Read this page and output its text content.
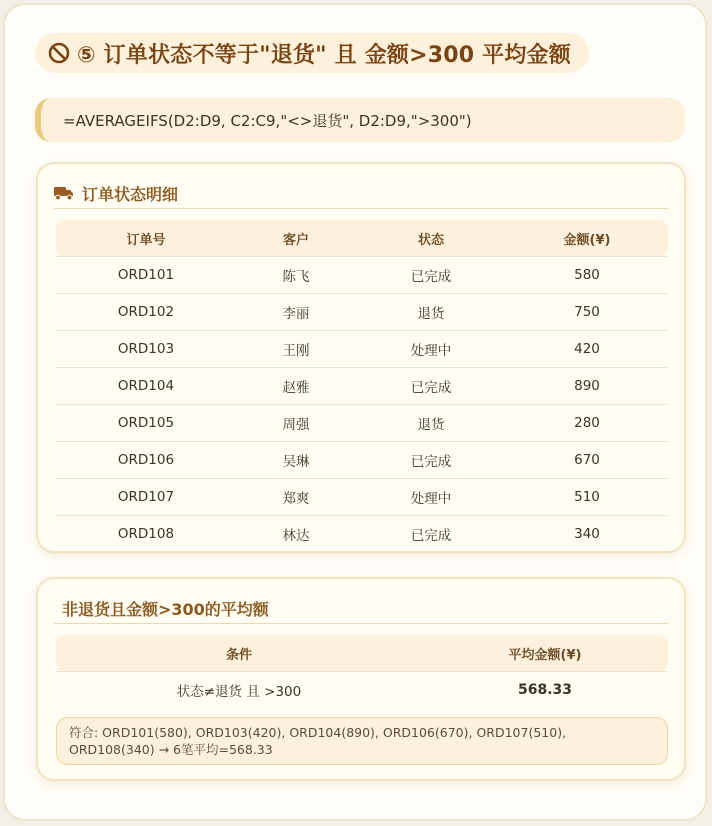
⑤ 订单状态不等于"退货" 且 金额>300 平均金额
=AVERAGEIFS(D2:D9, C2:C9,"<>退货", D2:D9,">300")
订单状态明细
订单号	客户	状态	金额(¥)
ORD101	陈飞	已完成	580
ORD102	李丽	退货	750
ORD103	王刚	处理中	420
ORD104	赵雅	已完成	890
ORD105	周强	退货	280
ORD106	吴琳	已完成	670
ORD107	郑爽	处理中	510
ORD108	林达	已完成	340
非退货且金额>300的平均额
条件	平均金额(¥)
状态≠退货 且 >300	568.33
符合: ORD101(580), ORD103(420), ORD104(890), ORD106(670), ORD107(510), ORD108(340) → 6笔平均=568.33
